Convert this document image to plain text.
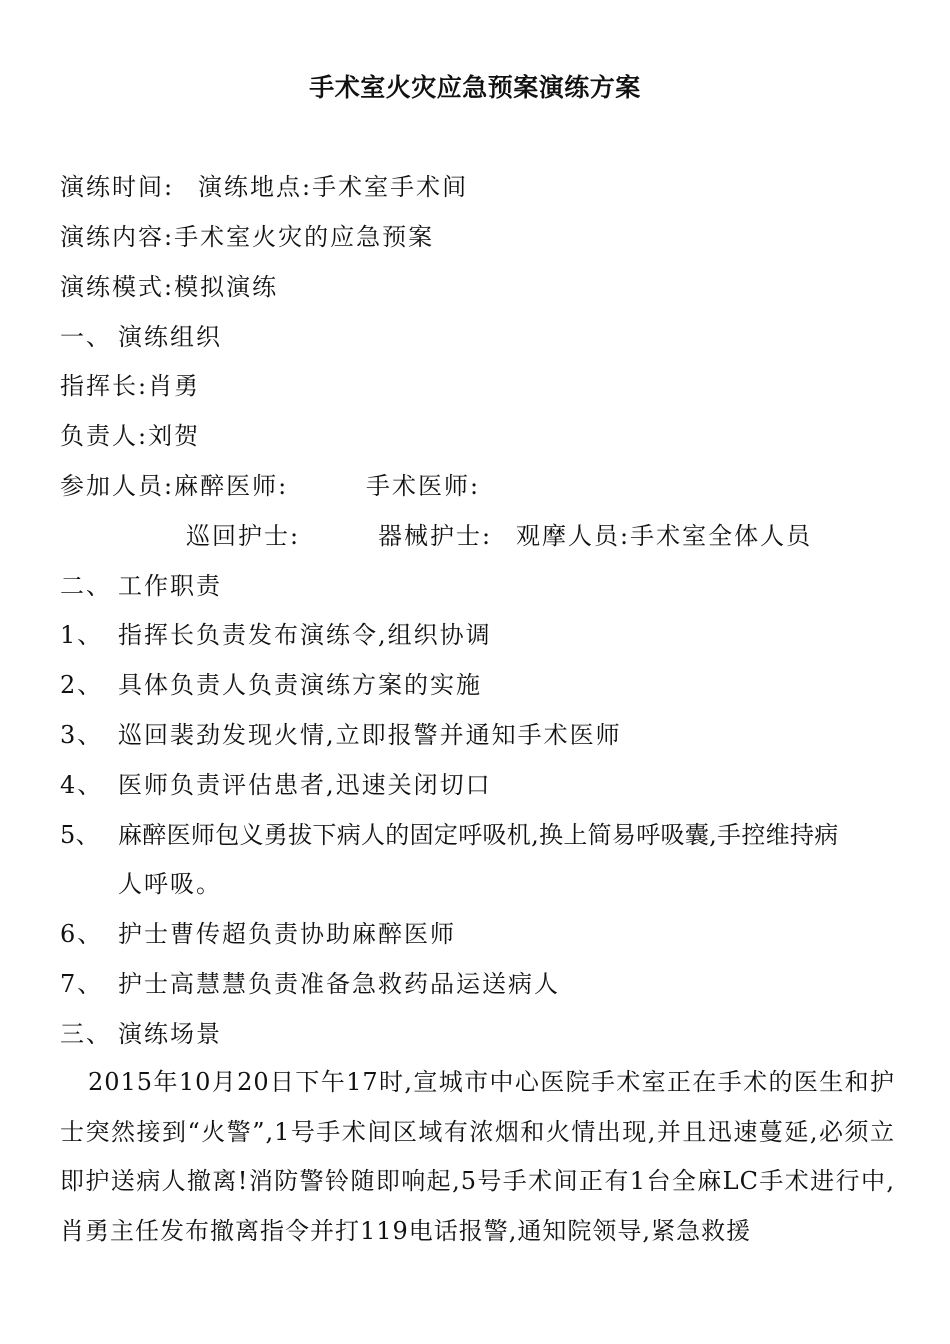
手术室火灾应急预案演练方案
演练时间: 演练地点:手术室手术间
演练内容:手术室火灾的应急预案
演练模式:模拟演练
一、 演练组织
指挥长:肖勇
负责人:刘贺
参加人员:麻醉医师:	手术医师:
巡回护士:	器械护士: 观摩人员:手术室全体人员
二、 工作职责
1、 指挥长负责发布演练令,组织协调
2、 具体负责人负责演练方案的实施
3、 巡回裴劲发现火情,立即报警并通知手术医师
4、 医师负责评估患者,迅速关闭切口
5、 麻醉医师包义勇拔下病人的固定呼吸机,换上简易呼吸囊,手控维持病
人呼吸。
6、 护士曹传超负责协助麻醉医师
7、 护士高慧慧负责准备急救药品运送病人
三、 演练场景
2015年10月20日下午17时,宣城市中心医院手术室正在手术的医生和护士突然接到“火警”,1号手术间区域有浓烟和火情出现,并且迅速蔓延,必须立即护送病人撤离!消防警铃随即响起,5号手术间正有1台全麻LC手术进行中,肖勇主任发布撤离指令并打119电话报警,通知院领导,紧急救援
